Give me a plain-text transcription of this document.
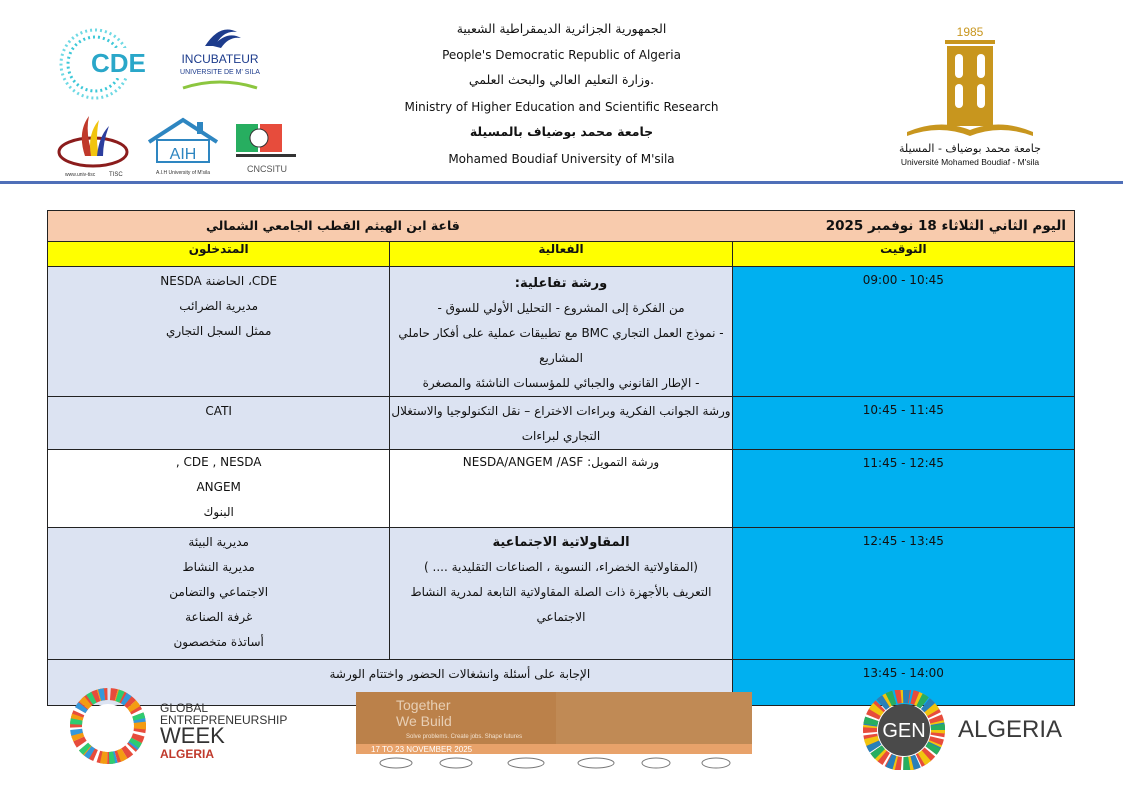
الجمهورية الجزائرية الديمقراطية الشعبية
People's Democratic Republic of Algeria
وزارة التعليم العالي والبحث العلمي.
Ministry of Higher Education and Scientific Research
جامعة محمد بوضياف بالمسيلة
Mohamed Boudiaf University of M'sila
CDE	INCUBATEUR
UNIVERSITE DE M' SILA
www.univ-tisc TISC
AIH
A.I.H University of M'sila	CNCSITU
1985
جامعة محمد بوضياف - المسيلة
Université Mohamed Boudiaf - M'sila
اليوم الثاني الثلاثاء 18 نوفمبر 2025
قاعة ابن الهيثم القطب الجامعي الشمالي		

التوقيت	الفعالية	المتدخلون

09:00 - 10:45	ورشة تفاعلية:
من الفكرة إلى المشروع - التحليل الأولي للسوق -
- نموذج العمل التجاري BMC مع تطبيقات عملية على أفكار حاملي المشاريع
- الإطار القانوني والجبائي للمؤسسات الناشئة والمصغرة	CDE، الحاضنة NESDA
مديرية الضرائب
ممثل السجل التجاري

10:45 - 11:45	ورشة الجوانب الفكرية وبراءات الاختراع – نقل التكنولوجيا والاستغلال التجاري لبراءات	CATI

11:45 - 12:45	ورشة التمويل: NESDA/ANGEM /ASF	CDE , NESDA ,
ANGEM
البنوك

12:45 - 13:45	المقاولاتية الاجتماعية
(المقاولاتية الخضراء، النسوية ، الصناعات التقليدية .... )
التعريف بالأجهزة ذات الصلة المقاولاتية التابعة لمدرية النشاط الاجتماعي	مديرية البيئة
مديرية النشاط
الاجتماعي والتضامن
غرفة الصناعة
أساتذة متخصصون

13:45 - 14:00	الإجابة على أسئلة وانشغالات الحضور واختتام الورشة	
GLOBAL
ENTREPRENEURSHIP
WEEK
ALGERIA
Together
We Build
Solve problems. Create jobs. Shape futures
17 TO 23 NOVEMBER 2025
GEN ALGERIA
